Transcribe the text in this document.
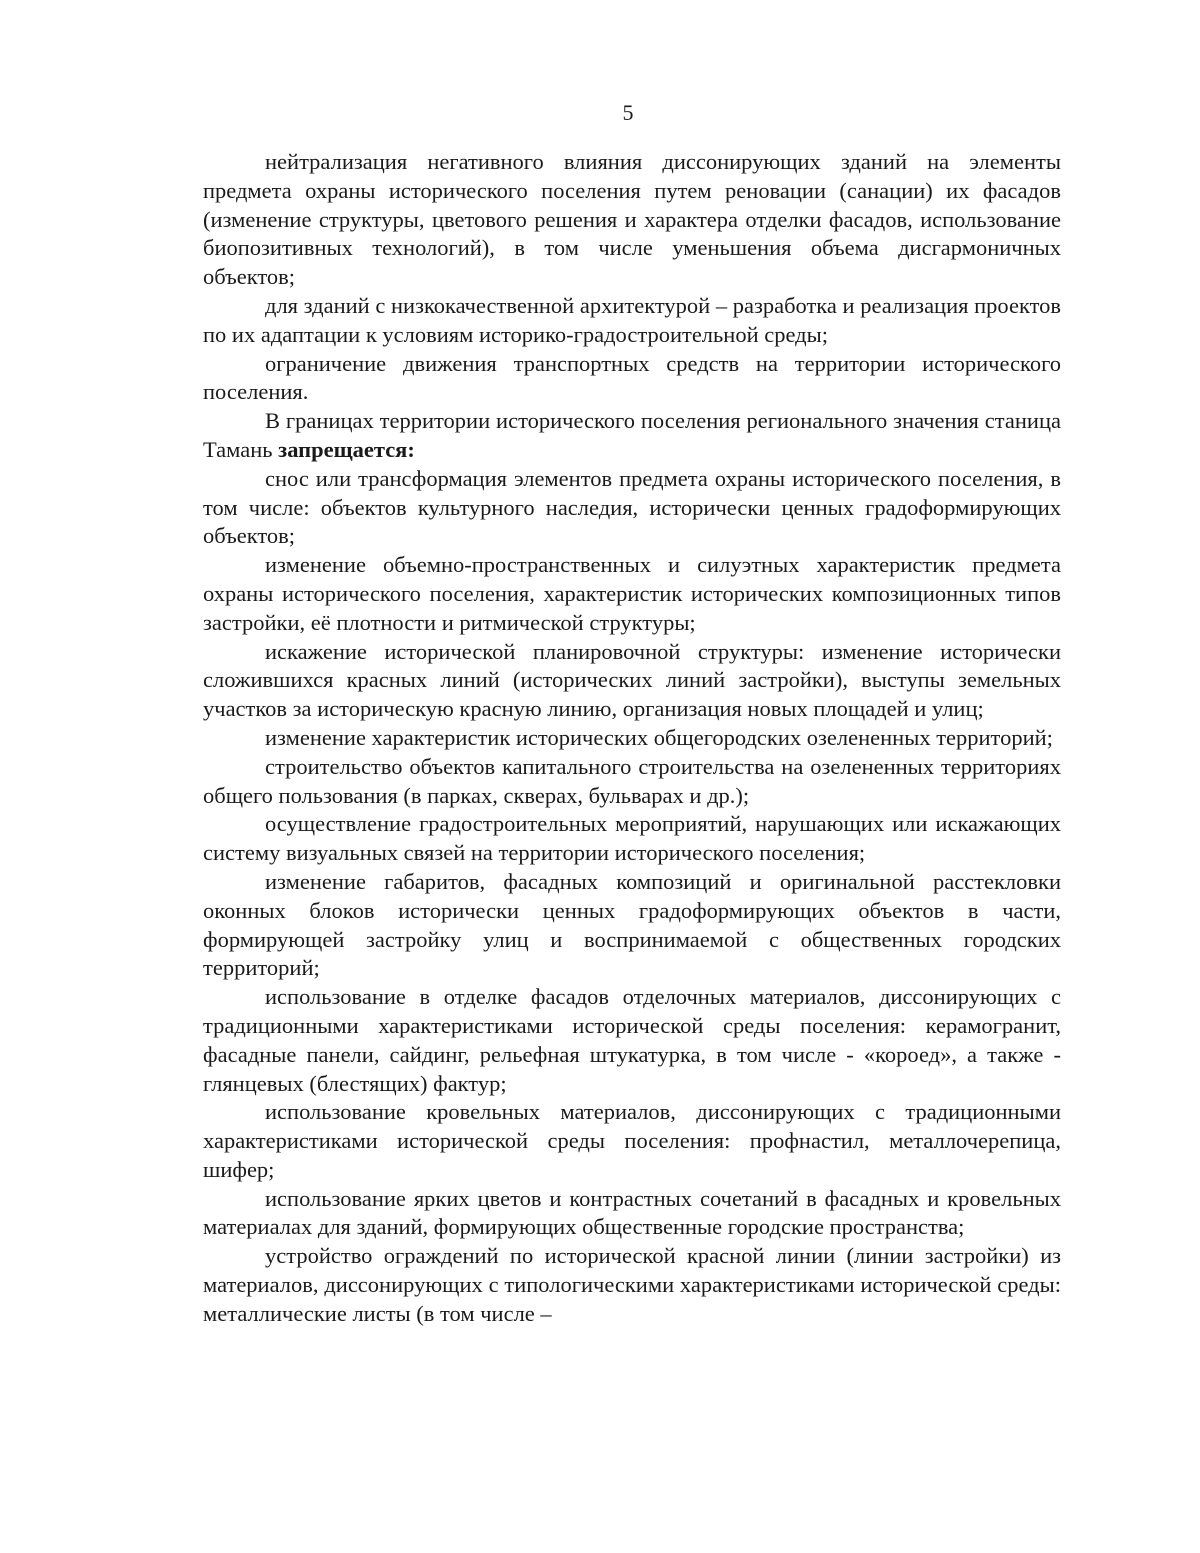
5

нейтрализация негативного влияния диссонирующих зданий на элементы предмета охраны исторического поселения путем реновации (санации) их фасадов (изменение структуры, цветового решения и характера отделки фасадов, использование биопозитивных технологий), в том числе уменьшения объема дисгармоничных объектов;

для зданий с низкокачественной архитектурой – разработка и реализация проектов по их адаптации к условиям историко-градостроительной среды;

ограничение движения транспортных средств на территории исторического поселения.

В границах территории исторического поселения регионального значения станица Тамань запрещается:

снос или трансформация элементов предмета охраны исторического поселения, в том числе: объектов культурного наследия, исторически ценных градоформирующих объектов;

изменение объемно-пространственных и силуэтных характеристик предмета охраны исторического поселения, характеристик исторических композиционных типов застройки, её плотности и ритмической структуры;

искажение исторической планировочной структуры: изменение исторически сложившихся красных линий (исторических линий застройки), выступы земельных участков за историческую красную линию, организация новых площадей и улиц;

изменение характеристик исторических общегородских озелененных территорий;

строительство объектов капитального строительства на озелененных территориях общего пользования (в парках, скверах, бульварах и др.);

осуществление градостроительных мероприятий, нарушающих или искажающих систему визуальных связей на территории исторического поселения;

изменение габаритов, фасадных композиций и оригинальной расстекловки оконных блоков исторически ценных градоформирующих объектов в части, формирующей застройку улиц и воспринимаемой с общественных городских территорий;

использование в отделке фасадов отделочных материалов, диссонирующих с традиционными характеристиками исторической среды поселения: керамогранит, фасадные панели, сайдинг, рельефная штукатурка, в том числе - «короед», а также - глянцевых (блестящих) фактур;

использование кровельных материалов, диссонирующих с традиционными характеристиками исторической среды поселения: профнастил, металлочерепица, шифер;

использование ярких цветов и контрастных сочетаний в фасадных и кровельных материалах для зданий, формирующих общественные городские пространства;

устройство ограждений по исторической красной линии (линии застройки) из материалов, диссонирующих с типологическими характеристиками исторической среды: металлические листы (в том числе –
